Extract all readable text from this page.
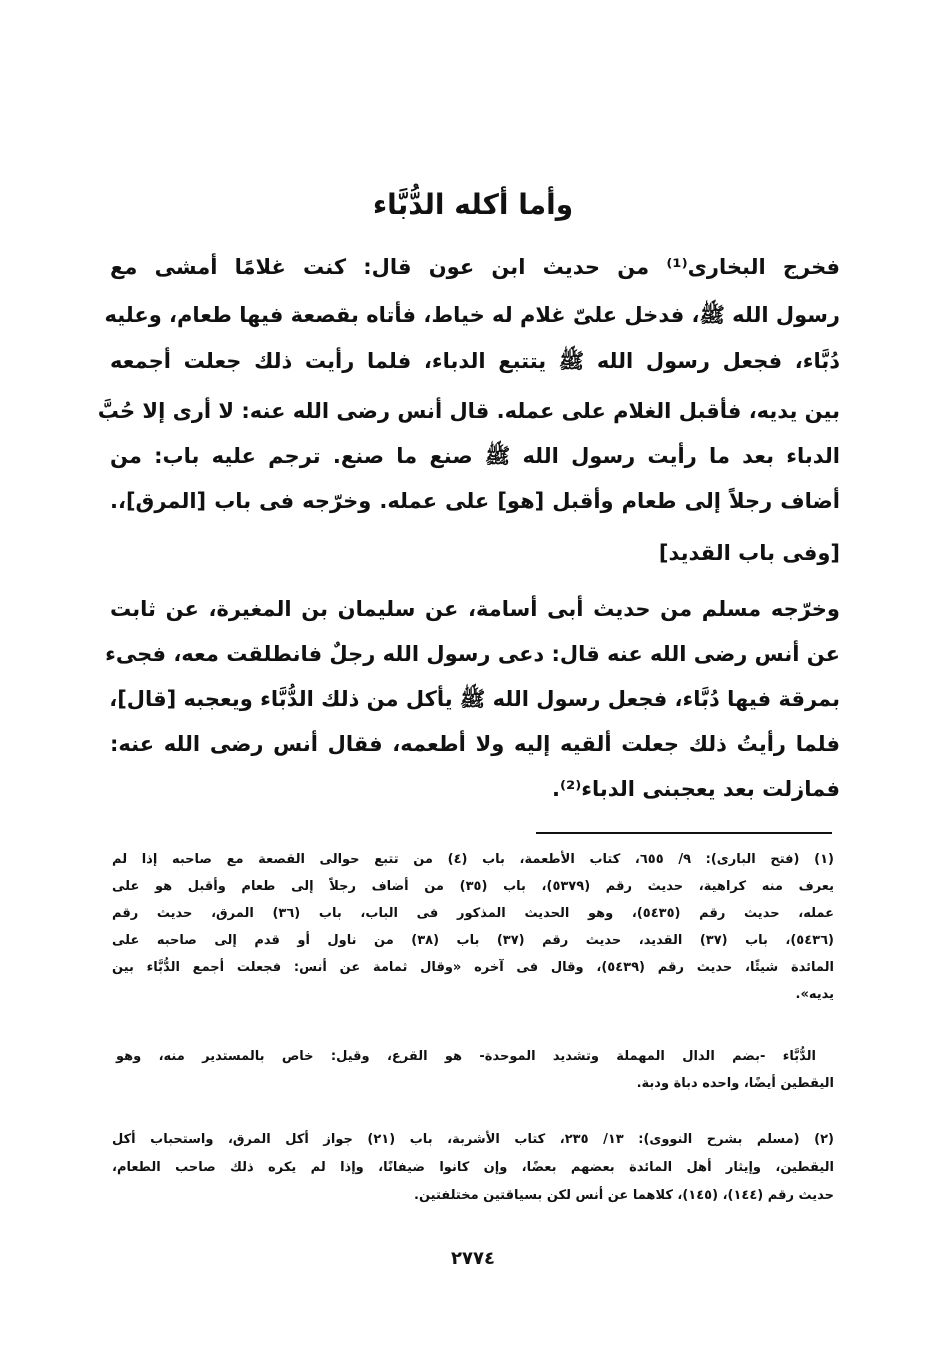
وأما أكله الدُّبَّاء
فخرج البخارى⁽¹⁾ من حديث ابن عون قال: كنت غلامًا أمشى مع
رسول الله ﷺ، فدخل علىّ غلام له خياط، فأتاه بقصعة فيها طعام، وعليه
دُبَّاء، فجعل رسول الله ﷺ يتتبع الدباء، فلما رأيت ذلك جعلت أجمعه
بين يديه، فأقبل الغلام على عمله. قال أنس رضى الله عنه: لا أرى إلا حُبَّ
الدباء بعد ما رأيت رسول الله ﷺ صنع ما صنع. ترجم عليه باب: من
أضاف رجلاً إلى طعام وأقبل [هو] على عمله. وخرّجه فى باب [المرق]،.
[وفى باب القديد]
وخرّجه مسلم من حديث أبى أسامة، عن سليمان بن المغيرة، عن ثابت
عن أنس رضى الله عنه قال: دعى رسول الله رجلٌ فانطلقت معه، فجىء
بمرقة فيها دُبَّاء، فجعل رسول الله ﷺ يأكل من ذلك الدُّبَّاء ويعجبه [قال]،
فلما رأيتُ ذلك جعلت ألقيه إليه ولا أطعمه، فقال أنس رضى الله عنه:
فمازلت بعد يعجبنى الدباء⁽²⁾.
(١) (فتح البارى): ٩/ ٦٥٥، كتاب الأطعمة، باب (٤) من تتبع حوالى القصعة مع صاحبه إذا لم
يعرف منه كراهية، حديث رقم (٥٣٧٩)، باب (٣٥) من أضاف رجلاً إلى طعام وأقبل هو على
عمله، حديث رقم (٥٤٣٥)، وهو الحديث المذكور فى الباب، باب (٣٦) المرق، حديث رقم
(٥٤٣٦)، باب (٣٧) القديد، حديث رقم (٣٧) باب (٣٨) من ناول أو قدم إلى صاحبه على
المائدة شيئًا، حديث رقم (٥٤٣٩)، وقال فى آخره «وقال ثمامة عن أنس: فجعلت أجمع الدُّبَّاء بين
يديه».
الدُّبَّاء -بضم الدال المهملة وتشديد الموحدة- هو القرع، وقيل: خاص بالمستدير منه، وهو
اليقطين أيضًا، واحده دباة ودبة.
(٢) (مسلم بشرح النووى): ١٣/ ٢٣٥، كتاب الأشربة، باب (٢١) جواز أكل المرق، واستحباب أكل
اليقطين، وإيثار أهل المائدة بعضهم بعضًا، وإن كانوا ضيفانًا، وإذا لم يكره ذلك صاحب الطعام،
حديث رقم (١٤٤)، (١٤٥)، كلاهما عن أنس لكن بسياقتين مختلفتين.
٢٧٧٤
